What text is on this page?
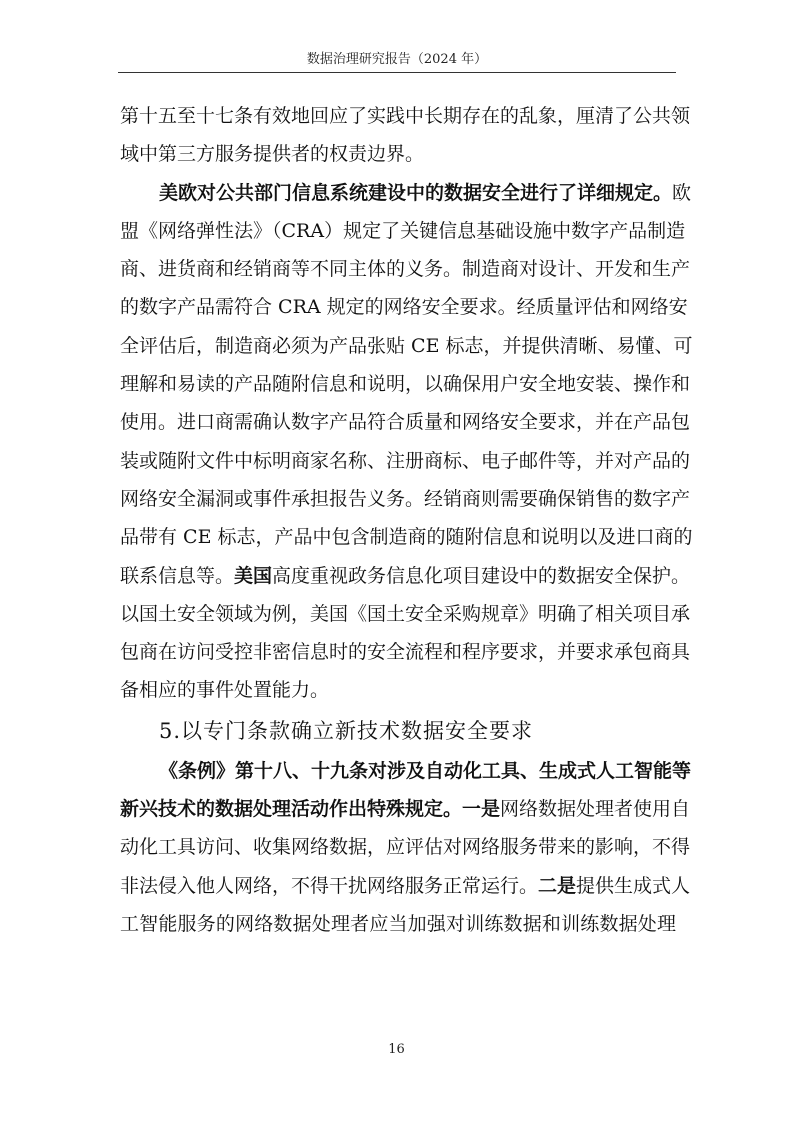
数据治理研究报告（2024 年）
第十五至十七条有效地回应了实践中长期存在的乱象，厘清了公共领
域中第三方服务提供者的权责边界。
美欧对公共部门信息系统建设中的数据安全进行了详细规定。欧
盟《网络弹性法》（CRA）规定了关键信息基础设施中数字产品制造
商、进货商和经销商等不同主体的义务。制造商对设计、开发和生产
的数字产品需符合 CRA 规定的网络安全要求。经质量评估和网络安
全评估后，制造商必须为产品张贴 CE 标志，并提供清晰、易懂、可
理解和易读的产品随附信息和说明，以确保用户安全地安装、操作和
使用。进口商需确认数字产品符合质量和网络安全要求，并在产品包
装或随附文件中标明商家名称、注册商标、电子邮件等，并对产品的
网络安全漏洞或事件承担报告义务。经销商则需要确保销售的数字产
品带有 CE 标志，产品中包含制造商的随附信息和说明以及进口商的
联系信息等。美国高度重视政务信息化项目建设中的数据安全保护。
以国土安全领域为例，美国《国土安全采购规章》明确了相关项目承
包商在访问受控非密信息时的安全流程和程序要求，并要求承包商具
备相应的事件处置能力。
5.以专门条款确立新技术数据安全要求
《条例》第十八、十九条对涉及自动化工具、生成式人工智能等
新兴技术的数据处理活动作出特殊规定。一是网络数据处理者使用自
动化工具访问、收集网络数据，应评估对网络服务带来的影响，不得
非法侵入他人网络，不得干扰网络服务正常运行。二是提供生成式人
工智能服务的网络数据处理者应当加强对训练数据和训练数据处理
16
